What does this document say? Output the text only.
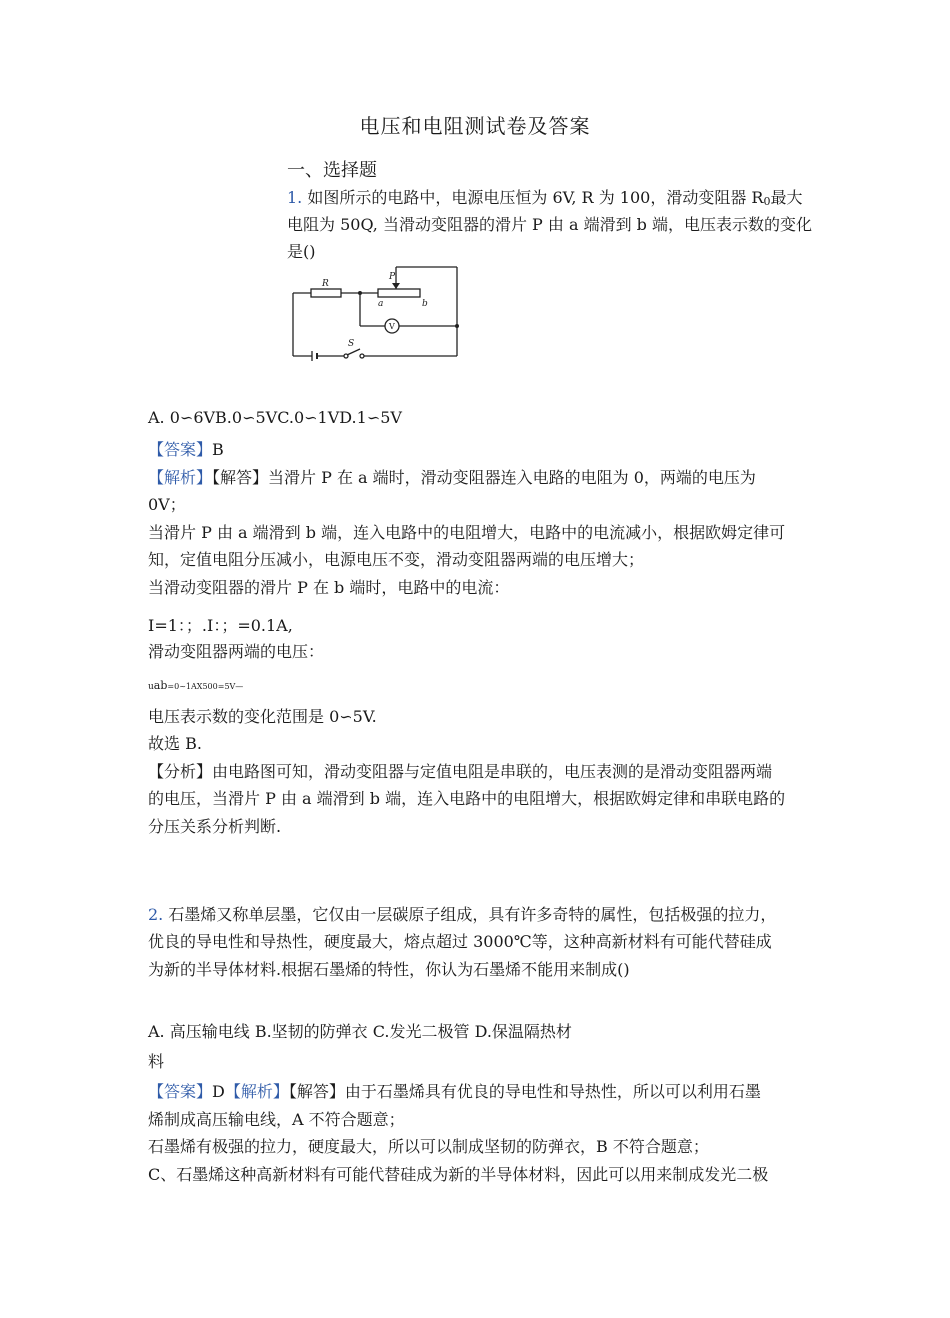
电压和电阻测试卷及答案
一、选择题
1. 如图所示的电路中，电源电压恒为 6V, R 为 100，滑动变阻器 R0最大
电阻为 50Q, 当滑动变阻器的滑片 P 由 a 端滑到 b 端，电压表示数的变化
是()
R
P
a	b
V
S
A. 0∽6VB.0∽5VC.0∽1VD.1∽5V
【答案】B
【解析】【解答】当滑片 P 在 a 端时，滑动变阻器连入电路的电阻为 0，两端的电压为
0V；
当滑片 P 由 a 端滑到 b 端，连入电路中的电阻增大，电路中的电流减小，根据欧姆定律可
知，定值电阻分压减小，电源电压不变，滑动变阻器两端的电压增大；
当滑动变阻器的滑片 P 在 b 端时，电路中的电流：
I=1：；.I：；=0.1A,
滑动变阻器两端的电压：
uab=0~1AX500=5V—
电压表示数的变化范围是 0∽5V.
故选 B.
【分析】由电路图可知，滑动变阻器与定值电阻是串联的，电压表测的是滑动变阻器两端
的电压，当滑片 P 由 a 端滑到 b 端，连入电路中的电阻增大，根据欧姆定律和串联电路的
分压关系分析判断.
2. 石墨烯又称单层墨，它仅由一层碳原子组成，具有许多奇特的属性，包括极强的拉力，
优良的导电性和导热性，硬度最大，熔点超过 3000℃等，这种高新材料有可能代替硅成
为新的半导体材料.根据石墨烯的特性，你认为石墨烯不能用来制成()
A. 高压输电线 B.坚韧的防弹衣 C.发光二极管 D.保温隔热材
料
【答案】D【解析】【解答】由于石墨烯具有优良的导电性和导热性，所以可以利用石墨
烯制成高压输电线，A 不符合题意；
石墨烯有极强的拉力，硬度最大，所以可以制成坚韧的防弹衣，B 不符合题意；
C、石墨烯这种高新材料有可能代替硅成为新的半导体材料，因此可以用来制成发光二极
